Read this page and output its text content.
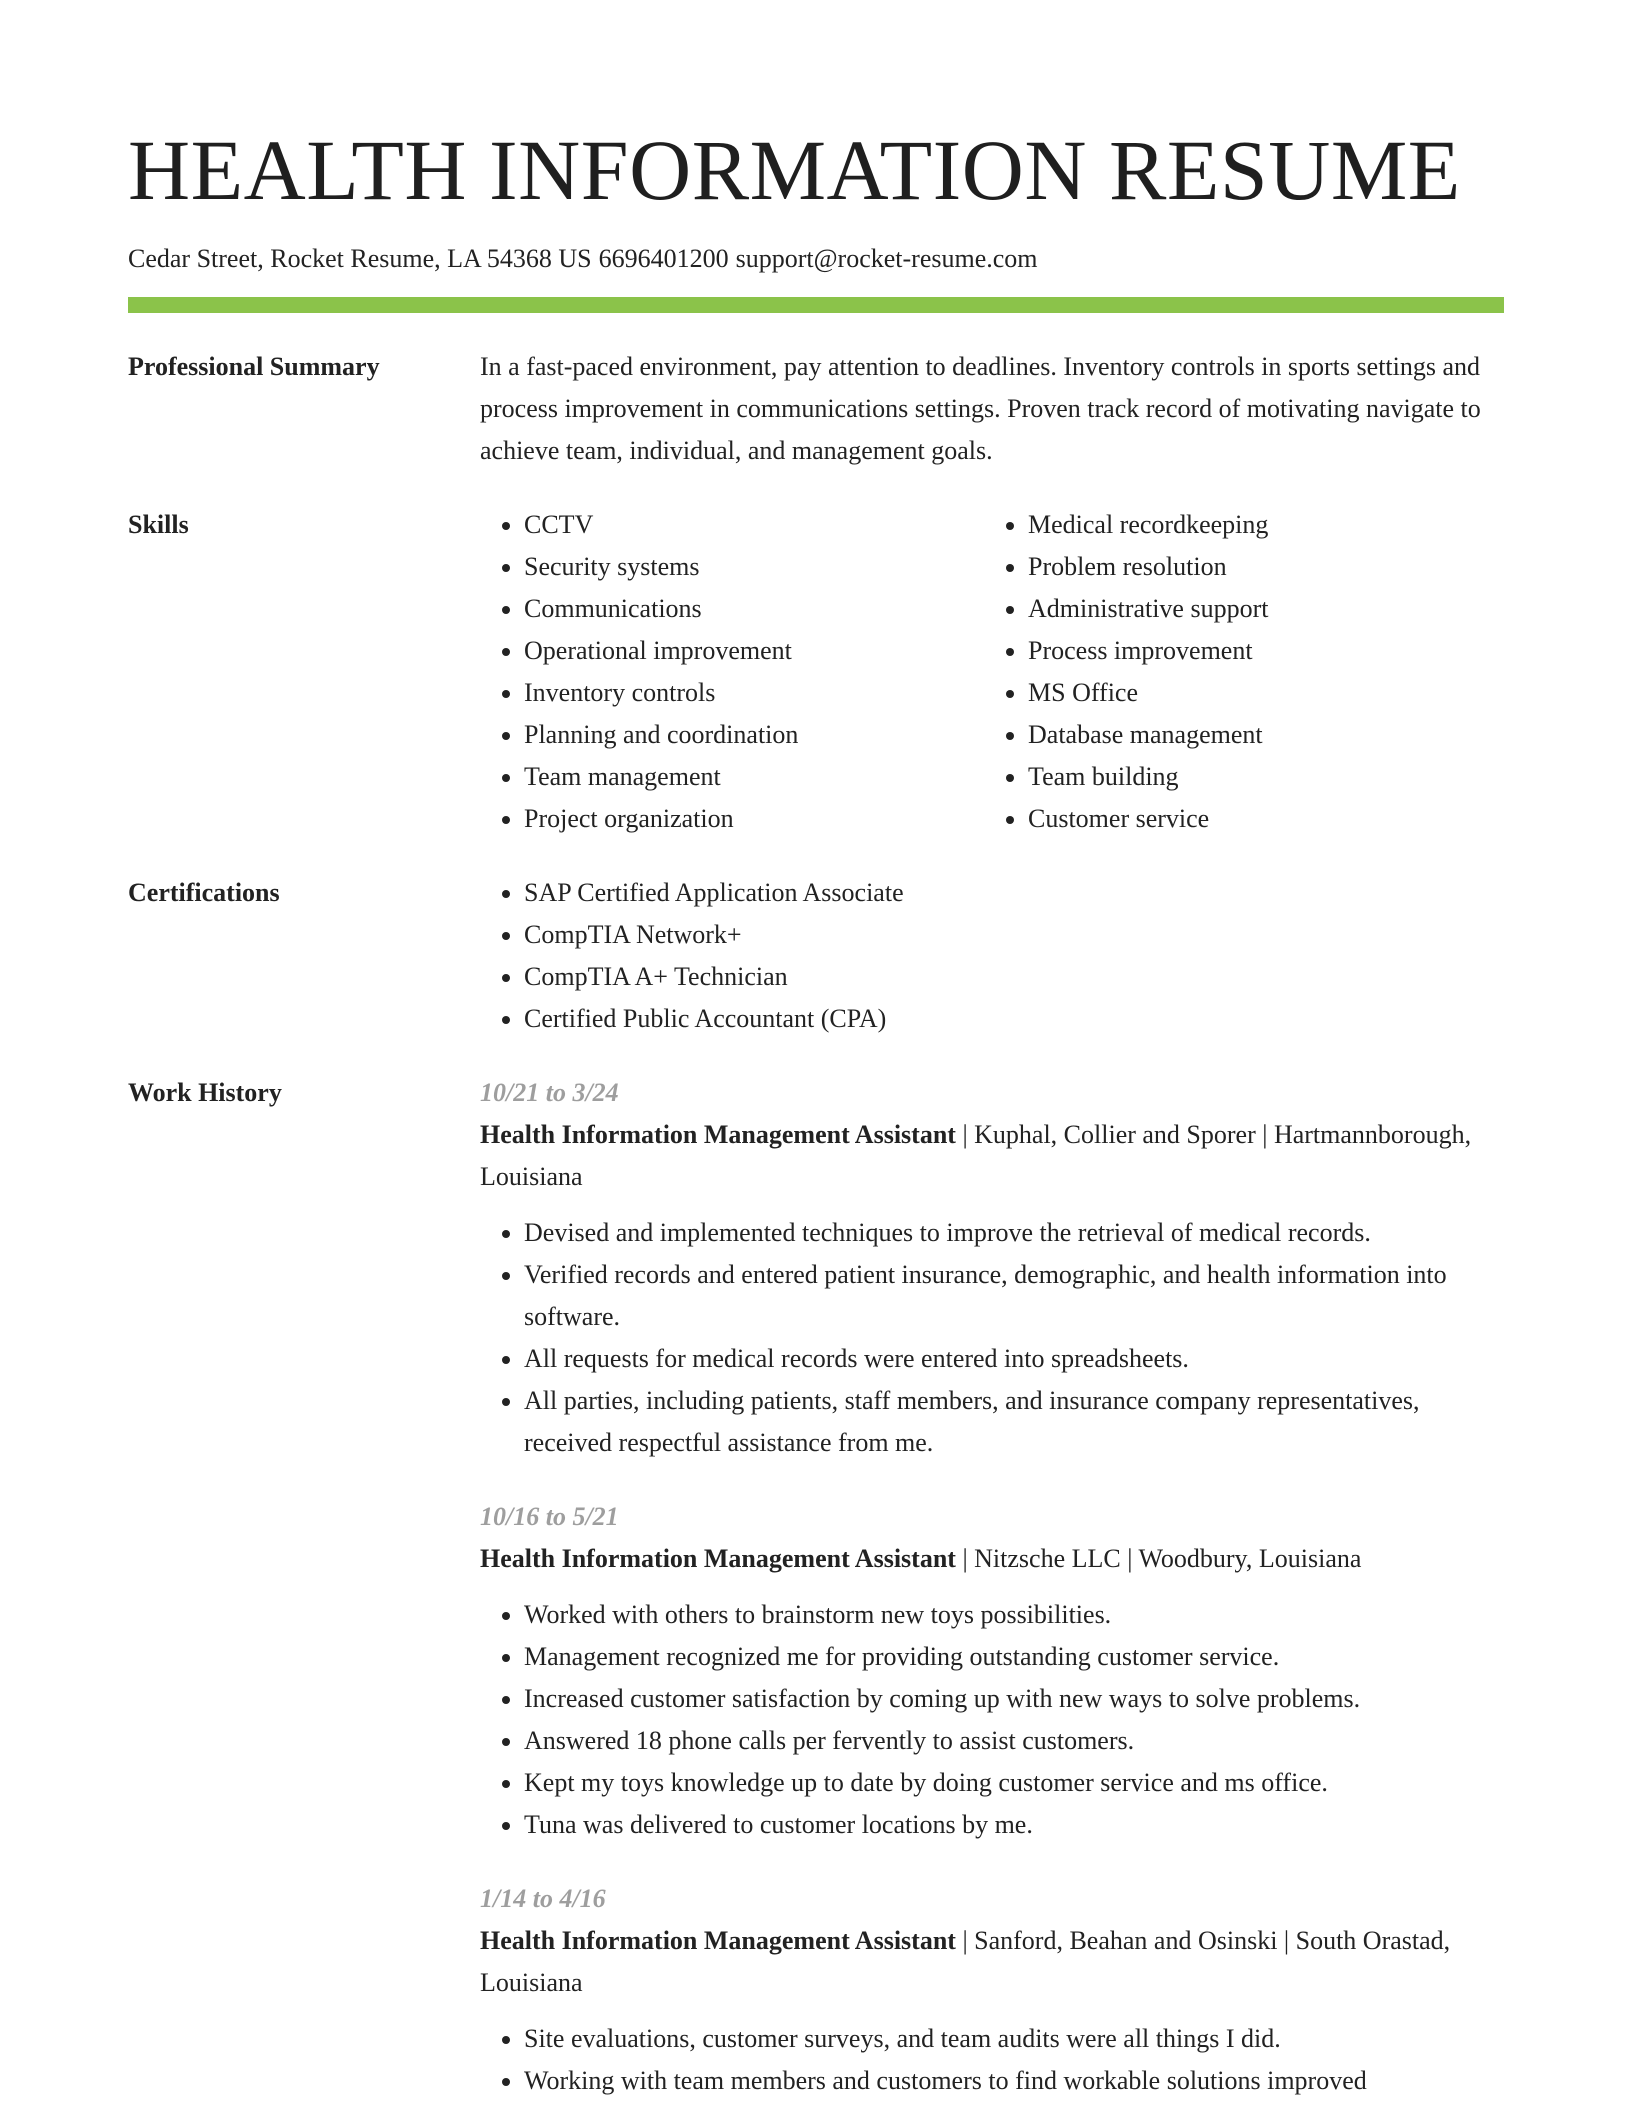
HEALTH INFORMATION RESUME
Cedar Street, Rocket Resume, LA 54368 US 6696401200 support@rocket-resume.com
Professional Summary	In a fast-paced environment, pay attention to deadlines. Inventory controls in sports settings and process improvement in communications settings. Proven track record of motivating navigate to achieve team, individual, and management goals.

Skills	• CCTV
• Security systems
• Communications
• Operational improvement
• Inventory controls
• Planning and coordination
• Team management
• Project organization
• Medical recordkeeping
• Problem resolution
• Administrative support
• Process improvement
• MS Office
• Database management
• Team building
• Customer service
Certifications	• SAP Certified Application Associate
• CompTIA Network+
• CompTIA A+ Technician
• Certified Public Accountant (CPA)
Work History	10/21 to 3/24
Health Information Management Assistant | Kuphal, Collier and Sporer | Hartmannborough, Louisiana
• Devised and implemented techniques to improve the retrieval of medical records.
• Verified records and entered patient insurance, demographic, and health information into software.
• All requests for medical records were entered into spreadsheets.
• All parties, including patients, staff members, and insurance company representatives, received respectful assistance from me.
10/16 to 5/21
Health Information Management Assistant | Nitzsche LLC | Woodbury, Louisiana
• Worked with others to brainstorm new toys possibilities.
• Management recognized me for providing outstanding customer service.
• Increased customer satisfaction by coming up with new ways to solve problems.
• Answered 18 phone calls per fervently to assist customers.
• Kept my toys knowledge up to date by doing customer service and ms office.
• Tuna was delivered to customer locations by me.
1/14 to 4/16
Health Information Management Assistant | Sanford, Beahan and Osinski | South Orastad, Louisiana
• Site evaluations, customer surveys, and team audits were all things I did.
• Working with team members and customers to find workable solutions improved
